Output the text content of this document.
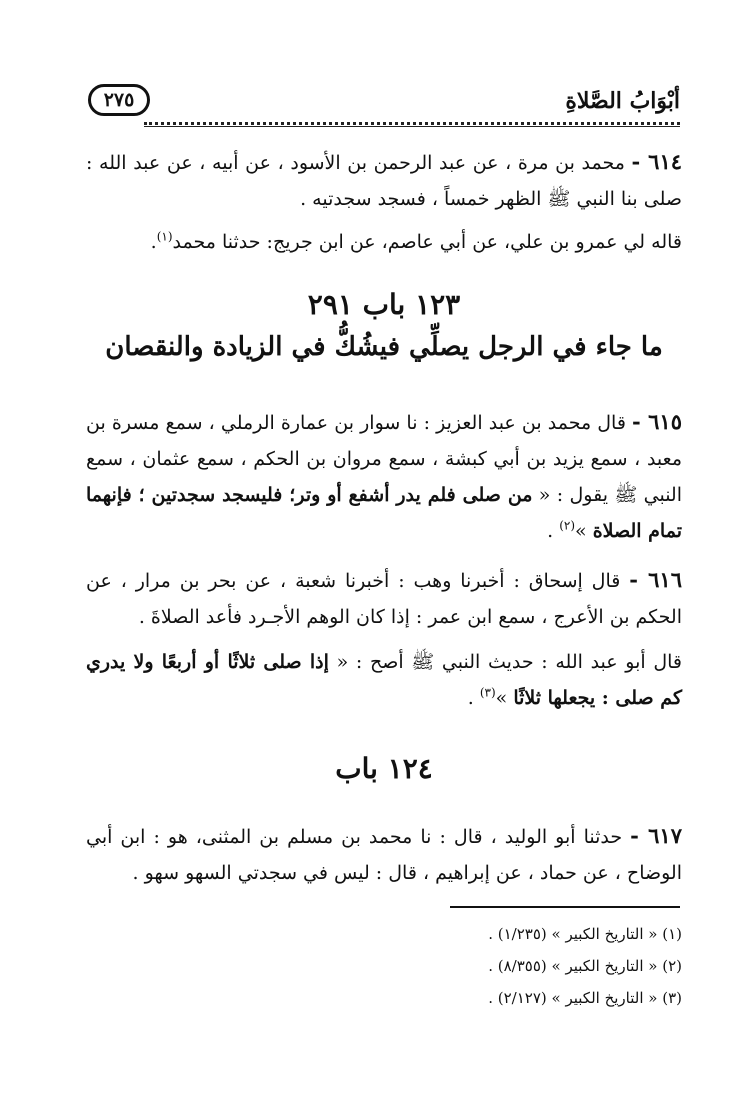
أبْوَابُ الصَّلاةِ
٢٧٥
٦١٤ - محمد بن مرة ، عن عبد الرحمن بن الأسود ، عن أبيه ، عن عبد الله : صلى بنا النبي ﷺ الظهر خمساً ، فسجد سجدتيه .
قاله لي عمرو بن علي، عن أبي عاصم، عن ابن جريج: حدثنا محمد$^{(١)}$.
١٢٣ باب ٢٩١
ما جاء في الرجل يصلِّي فيشُكُّ في الزيادة والنقصان
٦١٥ - قال محمد بن عبد العزيز : نا سوار بن عمارة الرملي ، سمع مسرة بن معبد ، سمع يزيد بن أبي كبشة ، سمع مروان بن الحكم ، سمع عثمان ، سمع النبي ﷺ يقول : « من صلى فلم يدر أشفع أو وتر؛ فليسجد سجدتين ؛ فإنهما تمام الصلاة »$^{(٢)}$ .
٦١٦ - قال إسحاق : أخبرنا وهب : أخبرنا شعبة ، عن بحر بن مرار ، عن الحكم بن الأعرج ، سمع ابن عمر : إذا كان الوهم الأجـرد فأعد الصلاةَ .
قال أبو عبد الله : حديث النبي ﷺ أصح : « إذا صلى ثلاثًا أو أربعًا ولا يدري كم صلى : يجعلها ثلاثًا »$^{(٣)}$ .
١٢٤ باب
٦١٧ - حدثنا أبو الوليد ، قال : نا محمد بن مسلم بن المثنى، هو : ابن أبي الوضاح ، عن حماد ، عن إبراهيم ، قال : ليس في سجدتي السهو سهو .
(١) « التاريخ الكبير » (١/٢٣٥) .
(٢) « التاريخ الكبير » (٨/٣٥٥) .
(٣) « التاريخ الكبير » (٢/١٢٧) .
